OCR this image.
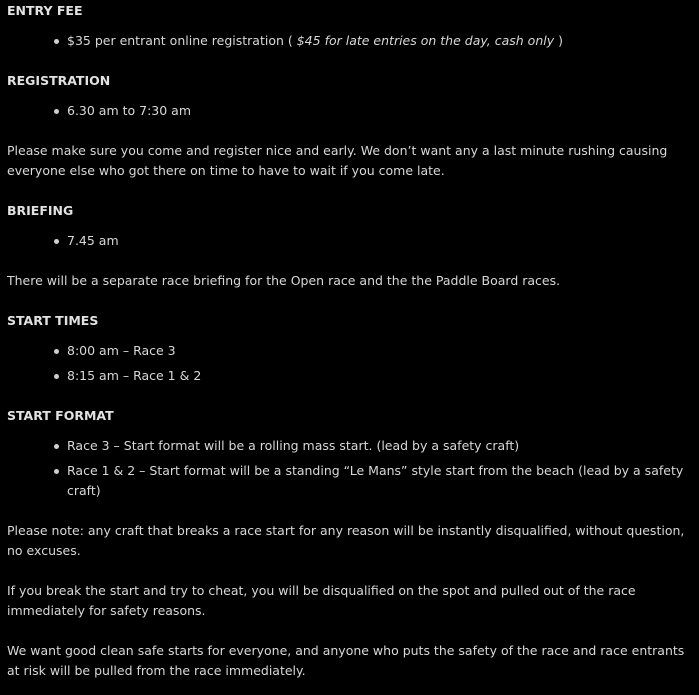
ENTRY FEE
$35 per entrant online registration ( $45 for late entries on the day, cash only )
REGISTRATION
6.30 am to 7:30 am

Please make sure you come and register nice and early. We don’t want any a last minute rushing causing everyone else who got there on time to have to wait if you come late.

BRIEFING
7.45 am

There will be a separate race briefing for the Open race and the the Paddle Board races.

START TIMES
8:00 am – Race 3
8:15 am – Race 1 & 2
START FORMAT
Race 3 – Start format will be a rolling mass start. (lead by a safety craft)
Race 1 & 2 – Start format will be a standing “Le Mans” style start from the beach (lead by a safety craft)

Please note: any craft that breaks a race start for any reason will be instantly disqualified, without question, no excuses.

If you break the start and try to cheat, you will be disqualified on the spot and pulled out of the race immediately for safety reasons.

We want good clean safe starts for everyone, and anyone who puts the safety of the race and race entrants at risk will be pulled from the race immediately.
